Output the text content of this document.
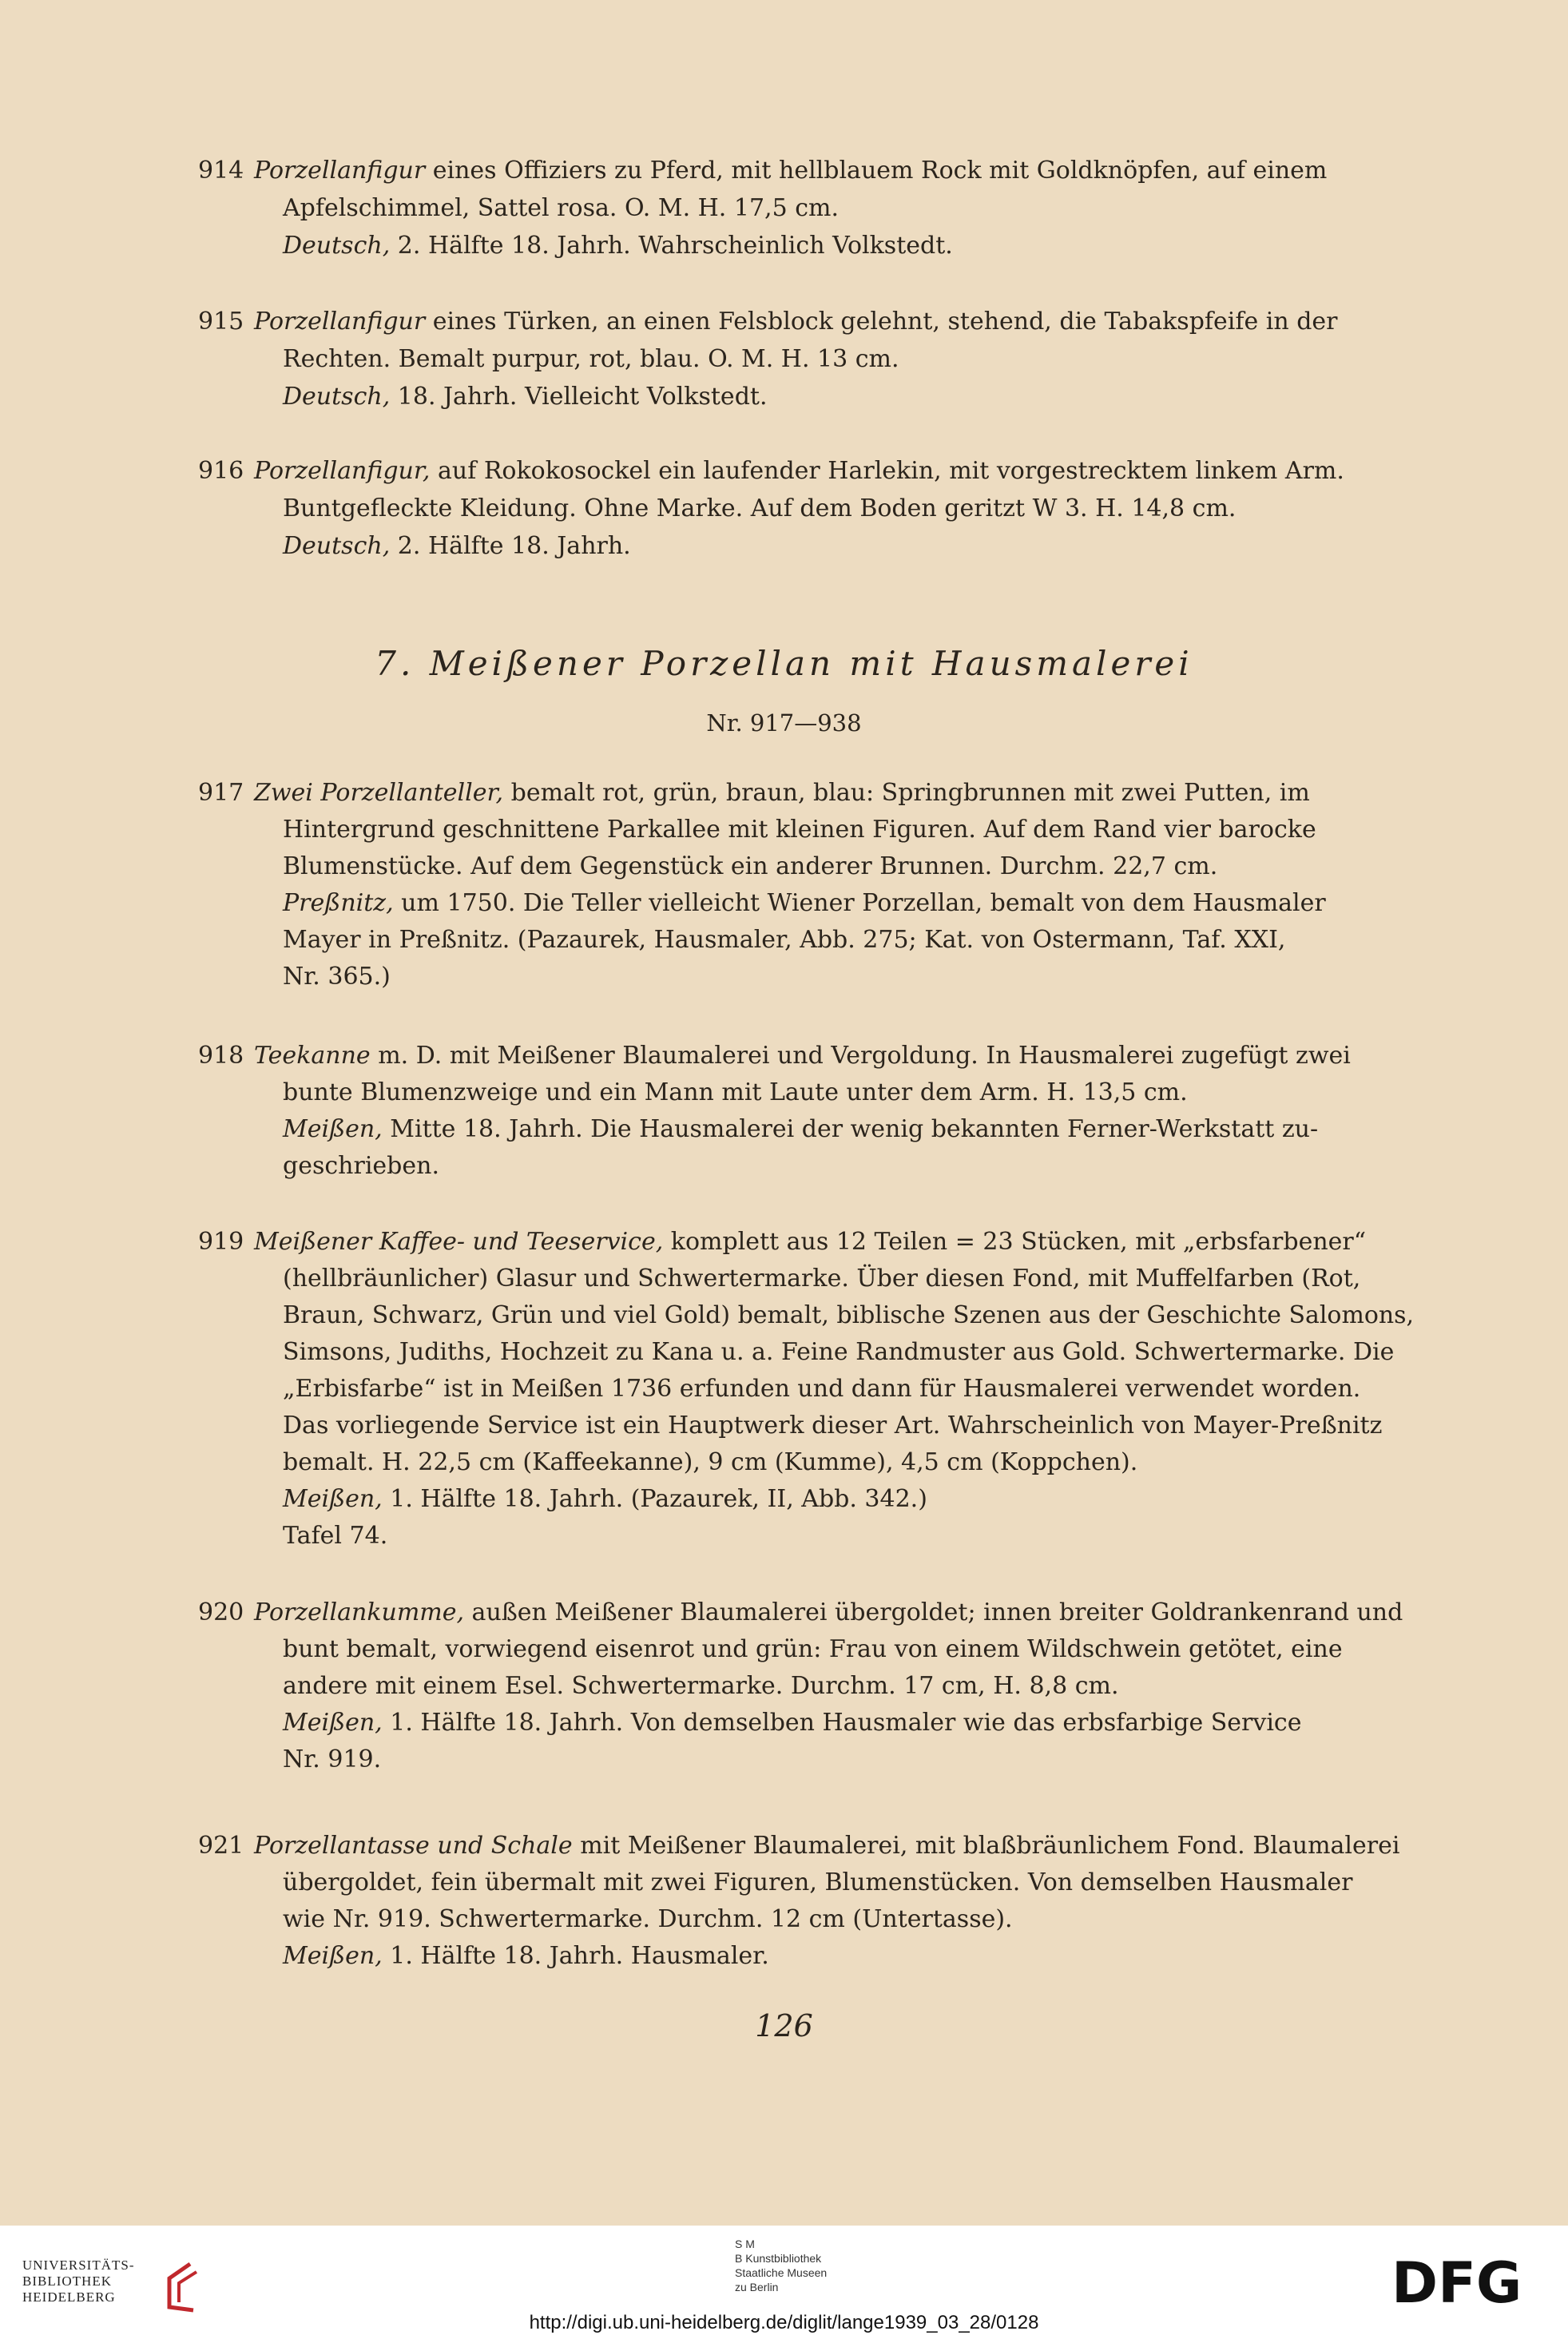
914 Porzellanfigur eines Offiziers zu Pferd, mit hellblauem Rock mit Goldknöpfen, auf einem
Apfelschimmel, Sattel rosa. O. M. H. 17,5 cm.
Deutsch, 2. Hälfte 18. Jahrh. Wahrscheinlich Volkstedt.
915 Porzellanfigur eines Türken, an einen Felsblock gelehnt, stehend, die Tabakspfeife in der
Rechten. Bemalt purpur, rot, blau. O. M. H. 13 cm.
Deutsch, 18. Jahrh. Vielleicht Volkstedt.
916 Porzellanfigur, auf Rokokosockel ein laufender Harlekin, mit vorgestrecktem linkem Arm.
Buntgefleckte Kleidung. Ohne Marke. Auf dem Boden geritzt W 3. H. 14,8 cm.
Deutsch, 2. Hälfte 18. Jahrh.
917 Zwei Porzellanteller, bemalt rot, grün, braun, blau: Springbrunnen mit zwei Putten, im
Hintergrund geschnittene Parkallee mit kleinen Figuren. Auf dem Rand vier barocke
Blumenstücke. Auf dem Gegenstück ein anderer Brunnen. Durchm. 22,7 cm.
Preßnitz, um 1750. Die Teller vielleicht Wiener Porzellan, bemalt von dem Hausmaler
Mayer in Preßnitz. (Pazaurek, Hausmaler, Abb. 275; Kat. von Ostermann, Taf. XXI,
Nr. 365.)
918 Teekanne m. D. mit Meißener Blaumalerei und Vergoldung. In Hausmalerei zugefügt zwei
bunte Blumenzweige und ein Mann mit Laute unter dem Arm. H. 13,5 cm.
Meißen, Mitte 18. Jahrh. Die Hausmalerei der wenig bekannten Ferner-Werkstatt zu-
geschrieben.
919 Meißener Kaffee- und Teeservice, komplett aus 12 Teilen = 23 Stücken, mit „erbsfarbener“
(hellbräunlicher) Glasur und Schwertermarke. Über diesen Fond, mit Muffelfarben (Rot,
Braun, Schwarz, Grün und viel Gold) bemalt, biblische Szenen aus der Geschichte Salomons,
Simsons, Judiths, Hochzeit zu Kana u. a. Feine Randmuster aus Gold. Schwertermarke. Die
„Erbisfarbe“ ist in Meißen 1736 erfunden und dann für Hausmalerei verwendet worden.
Das vorliegende Service ist ein Hauptwerk dieser Art. Wahrscheinlich von Mayer-Preßnitz
bemalt. H. 22,5 cm (Kaffeekanne), 9 cm (Kumme), 4,5 cm (Koppchen).
Meißen, 1. Hälfte 18. Jahrh. (Pazaurek, II, Abb. 342.)
Tafel 74.
920 Porzellankumme, außen Meißener Blaumalerei übergoldet; innen breiter Goldrankenrand und
bunt bemalt, vorwiegend eisenrot und grün: Frau von einem Wildschwein getötet, eine
andere mit einem Esel. Schwertermarke. Durchm. 17 cm, H. 8,8 cm.
Meißen, 1. Hälfte 18. Jahrh. Von demselben Hausmaler wie das erbsfarbige Service
Nr. 919.
921 Porzellantasse und Schale mit Meißener Blaumalerei, mit blaßbräunlichem Fond. Blaumalerei
übergoldet, fein übermalt mit zwei Figuren, Blumenstücken. Von demselben Hausmaler
wie Nr. 919. Schwertermarke. Durchm. 12 cm (Untertasse).
Meißen, 1. Hälfte 18. Jahrh. Hausmaler.
7. Meißener Porzellan mit Hausmalerei
Nr. 917—938
126
UNIVERSITÄTS-
BIBLIOTHEK
HEIDELBERG
S M
B Kunstbibliothek
Staatliche Museen
zu Berlin	DFG
http://digi.ub.uni-heidelberg.de/diglit/lange1939_03_28/0128
